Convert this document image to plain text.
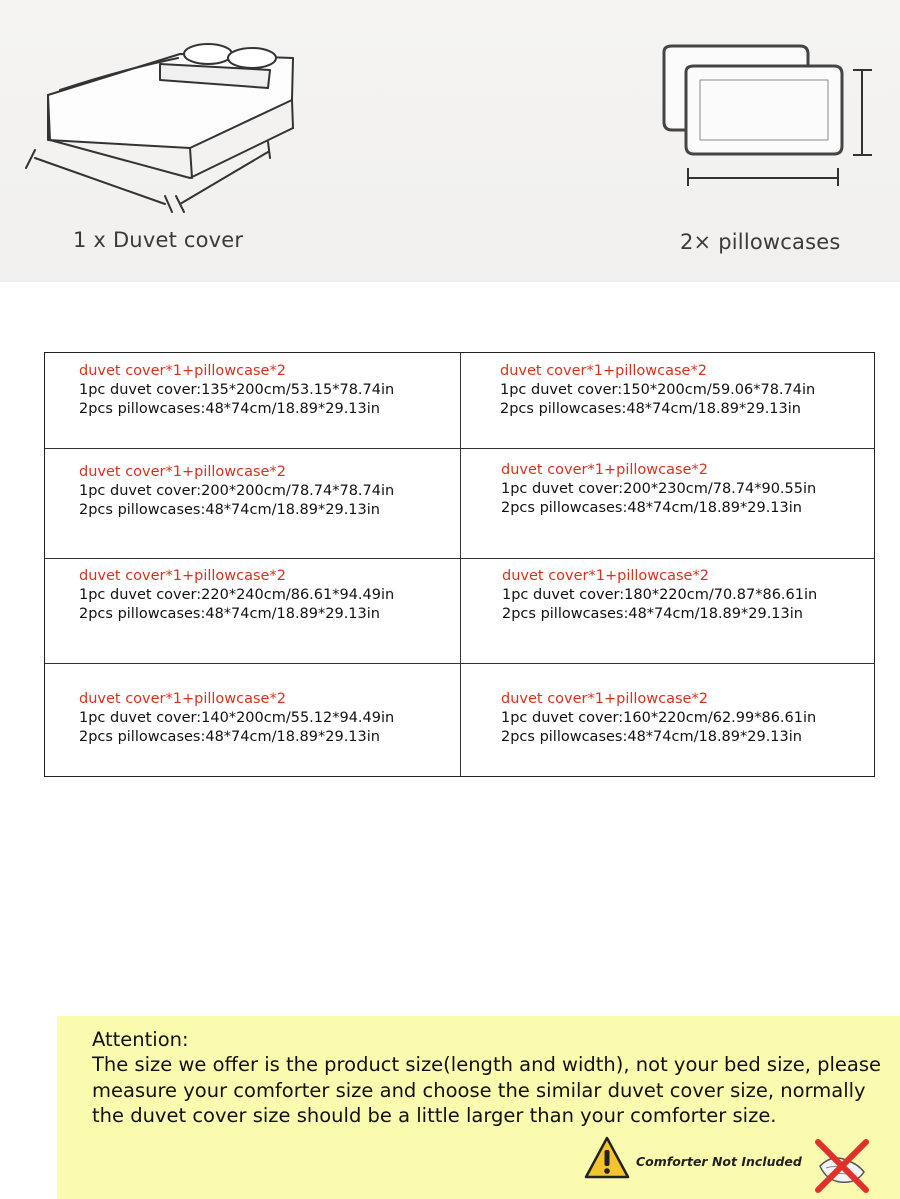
1 x Duvet cover	2× pillowcases
duvet cover*1+pillowcase*2
1pc duvet cover:135*200cm/53.15*78.74in
2pcs pillowcases:48*74cm/18.89*29.13in
duvet cover*1+pillowcase*2
1pc duvet cover:150*200cm/59.06*78.74in
2pcs pillowcases:48*74cm/18.89*29.13in
duvet cover*1+pillowcase*2
1pc duvet cover:200*200cm/78.74*78.74in
2pcs pillowcases:48*74cm/18.89*29.13in
duvet cover*1+pillowcase*2
1pc duvet cover:200*230cm/78.74*90.55in
2pcs pillowcases:48*74cm/18.89*29.13in
duvet cover*1+pillowcase*2
1pc duvet cover:220*240cm/86.61*94.49in
2pcs pillowcases:48*74cm/18.89*29.13in
duvet cover*1+pillowcase*2
1pc duvet cover:180*220cm/70.87*86.61in
2pcs pillowcases:48*74cm/18.89*29.13in
duvet cover*1+pillowcase*2
1pc duvet cover:140*200cm/55.12*94.49in
2pcs pillowcases:48*74cm/18.89*29.13in
duvet cover*1+pillowcase*2
1pc duvet cover:160*220cm/62.99*86.61in
2pcs pillowcases:48*74cm/18.89*29.13in
Attention:
The size we offer is the product size(length and width), not your bed size, please measure your comforter size and choose the similar duvet cover size, normally the duvet cover size should be a little larger than your comforter size.
Comforter Not Included
